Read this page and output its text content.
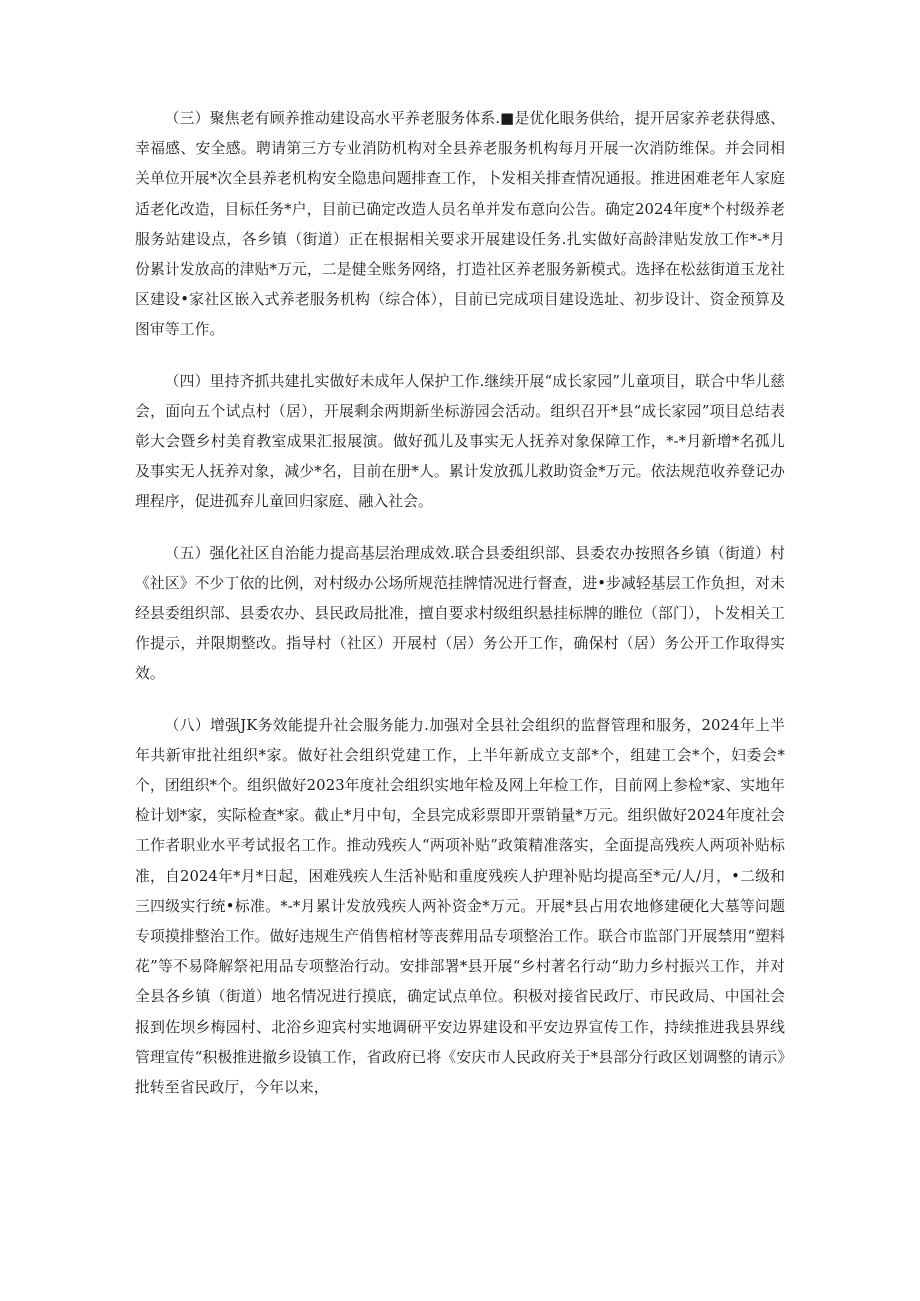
（三）聚焦老有顾养推动建设高水平养老服务体系.■是优化眼务供给，提开居家养老获得感、幸福感、安全感。聘请第三方专业消防机构对全县养老服务机构每月开展一次消防维保。并会同相关单位开展*次全县养老机构安全隐患问题排查工作，卜发相关排查情况通报。推进困难老年人家庭适老化改造，目标任务*户，目前已确定改造人员名单并发布意向公告。确定2024年度*个村级养老服务站建设点，各乡镇（街道）正在根据相关要求开展建设任务.扎实做好高龄津贴发放工作*-*月份累计发放高的津贴*万元，二是健全账务网络，打造社区养老服务新模式。选择在松兹街道玉龙社区建设•家社区嵌入式养老服务机构（综合体），目前已完成项目建设选址、初步设计、资金预算及图审等工作。

（四）里持齐抓共建扎实做好未成年人保护工作.继续开展“成长家园”儿童项目，联合中华儿慈会，面向五个试点村（居），开展剩余两期新坐标游园会活动。组织召开*县“成长家园”项目总结表彰大会暨乡村美育教室成果汇报展演。做好孤儿及事实无人抚养对象保障工作，*-*月新增*名孤儿及事实无人抚养对象，减少*名，目前在册*人。累计发放孤儿救助资金*万元。依法规范收养登记办理程序，促进孤弃儿童回归家庭、融入社会。

（五）强化社区自治能力提高基层治理成效.联合县委组织部、县委农办按照各乡镇（街道）村《社区》不少丁依的比例，对村级办公场所规范挂牌情况进行督查，进•步减轻基层工作负担，对未经县委组织部、县委农办、县民政局批准，擅自要求村级组织悬挂标牌的睢位（部门），卜发相关工作提示，并限期整改。指导村（社区）开展村（居）务公开工作，确保村（居）务公开工作取得实效。

（八）增强JK务效能提升社会服务能力.加强对全县社会组织的监督管理和服务，2024年上半年共新审批社组织*家。做好社会组织党建工作，上半年新成立支部*个，组建工会*个，妇委会*个，团组织*个。组织做好2023年度社会组织实地年检及网上年检工作，目前网上参检*家、实地年检计划*家，实际检查*家。截止*月中旬，全县完成彩票即开票销量*万元。组织做好2024年度社会工作者职业水平考试报名工作。推动残疾人“两项补贴”政策精准落实，全面提高残疾人两项补贴标准，自2024年*月*日起，困难残疾人生活补贴和重度残疾人护理补贴均提高至*元/人/月，•二级和三四级实行统•标准。*-*月累计发放残疾人两补资金*万元。开展*县占用农地修建硬化大墓等问题专项摸排整治工作。做好违规生产俏售棺材等丧葬用品专项整治工作。联合市监部门开展禁用“塑料花”等不易降解祭祀用品专项整治行动。安排部署*县开展“乡村著名行动“助力乡村振兴工作，并对全县各乡镇（街道）地名情况进行摸底，确定试点单位。积极对接省民政厅、市民政局、中国社会报到佐坝乡梅园村、北浴乡迎宾村实地调研平安边界建设和平安边界宣传工作，持续推进我县界线管理宣传“积极推进撤乡设镇工作，省政府已将《安庆市人民政府关于*县部分行政区划调整的请示》批转至省民政厅，今年以来，
